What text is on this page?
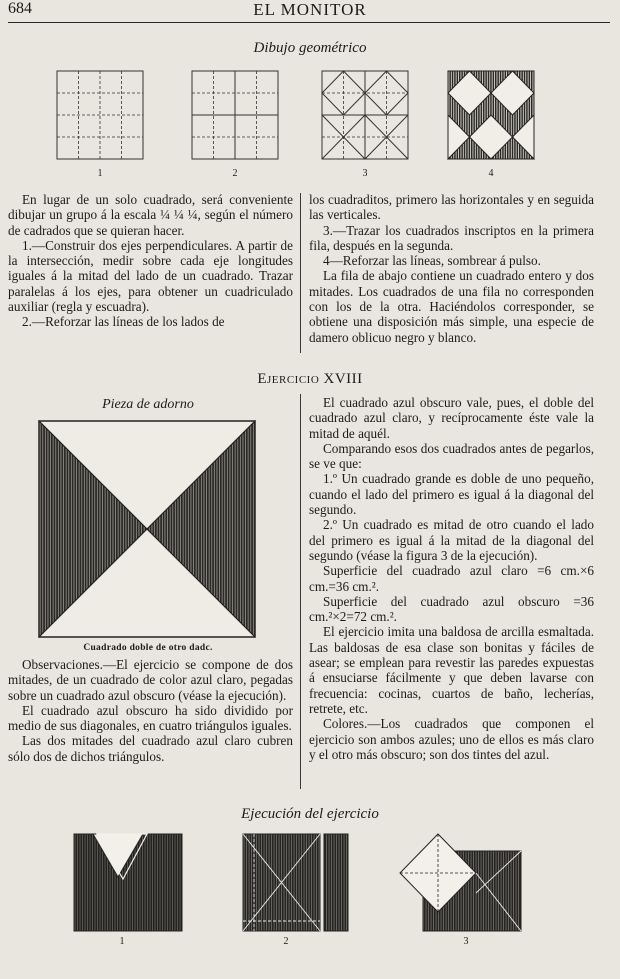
684	EL MONITOR
Dibujo geométrico
1	2	3	4

En lugar de un solo cuadrado, será conveniente dibujar un grupo á la escala ¼ ¼ ¼, según el número de cadrados que se quieran hacer.

1.—Construir dos ejes perpendiculares. A partir de la intersección, medir sobre cada eje longitudes iguales á la mitad del lado de un cuadrado. Trazar paralelas á los ejes, para obtener un cuadriculado auxiliar (regla y escuadra).

2.—Reforzar las líneas de los lados de

los cuadraditos, primero las horizontales y en seguida las verticales.

3.—Trazar los cuadrados inscriptos en la primera fila, después en la segunda.

4—Reforzar las líneas, sombrear á pulso.

La fila de abajo contiene un cuadrado entero y dos mitades. Los cuadrados de una fila no corresponden con los de la otra. Haciéndolos corresponder, se obtiene una disposición más simple, una especie de damero oblicuo negro y blanco.

Ejercicio XVIII
Pieza de adorno
Cuadrado doble de otro dadc.

Observaciones.—El ejercicio se compone de dos mitades, de un cuadrado de color azul claro, pegadas sobre un cuadrado azul obscuro (véase la ejecución).

El cuadrado azul obscuro ha sido dividido por medio de sus diagonales, en cuatro triángulos iguales.

Las dos mitades del cuadrado azul claro cubren sólo dos de dichos triángulos.

El cuadrado azul obscuro vale, pues, el doble del cuadrado azul claro, y recíprocamente éste vale la mitad de aquél.

Comparando esos dos cuadrados antes de pegarlos, se ve que:

1.º Un cuadrado grande es doble de uno pequeño, cuando el lado del primero es igual á la diagonal del segundo.

2.º Un cuadrado es mitad de otro cuando el lado del primero es igual á la mitad de la diagonal del segundo (véase la figura 3 de la ejecución).

Superficie del cuadrado azul claro =6 cm.×6 cm.=36 cm.².

Superficie del cuadrado azul obscuro =36 cm.²×2=72 cm.².

El ejercicio imita una baldosa de arcilla esmaltada. Las baldosas de esa clase son bonitas y fáciles de asear; se emplean para revestir las paredes expuestas á ensuciarse fácilmente y que deben lavarse con frecuencia: cocinas, cuartos de baño, lecherías, retrete, etc.

Colores.—Los cuadrados que componen el ejercicio son ambos azules; uno de ellos es más claro y el otro más obscuro; son dos tintes del azul.

Ejecución del ejercicio
1	2	3
